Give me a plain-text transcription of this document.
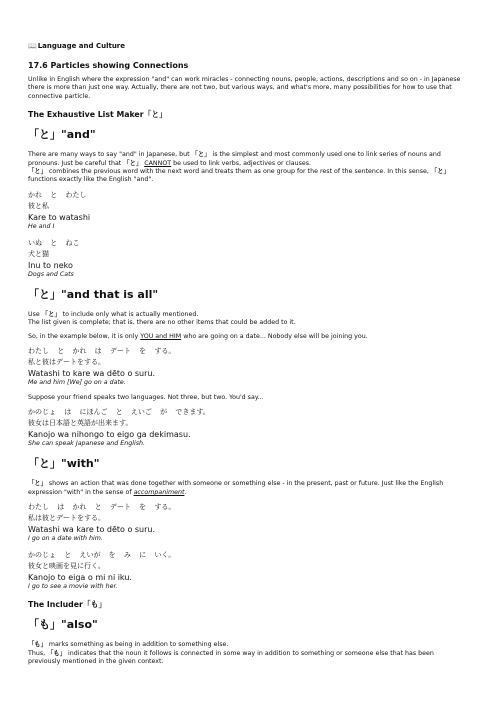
📖Language and Culture
17.6 Particles showing Connections

Unlike in English where the expression "and" can work miracles - connecting nouns, people, actions, descriptions and so on - in Japanese there is more than just one way. Actually, there are not two, but various ways, and what's more, many possibilities for how to use that connective particle.

The Exhaustive List Maker「と」
「と」"and"

There are many ways to say "and" in Japanese, but 「と」 is the simplest and most commonly used one to link series of nouns and pronouns. Just be careful that 「と」 CANNOT be used to link verbs, adjectives or clauses.
「と」 combines the previous word with the next word and treats them as one group for the rest of the sentence. In this sense, 「と」 functions exactly like the English "and".

かれ と わたし
彼と私
Kare to watashi
He and I
いぬ と ねこ
犬と猫
Inu to neko
Dogs and Cats
「と」"and that is all"

Use 「と」 to include only what is actually mentioned.
The list given is complete; that is, there are no other items that could be added to it.

So, in the example below, it is only YOU and HIM who are going on a date... Nobody else will be joining you.

わたし と かれ は デート を する。
私と彼はデートをする。
Watashi to kare wa dēto o suru.
Me and him [We] go on a date.

Suppose your friend speaks two languages. Not three, but two. You'd say...

かのじょ は にほんご と えいご が できます。
彼女は日本語と英語が出来ます。
Kanojo wa nihongo to eigo ga dekimasu.
She can speak Japanese and English.
「と」"with"

「と」 shows an action that was done together with someone or something else - in the present, past or future. Just like the English expression "with" in the sense of accompaniment.

わたし は かれ と デート を する。
私は彼とデートをする。
Watashi wa kare to dēto o suru.
I go on a date with him.
かのじょ と えいが を み に いく。
彼女と映画を見に行く。
Kanojo to eiga o mi ni iku.
I go to see a movie with her.
The Includer「も」
「も」"also"

「も」 marks something as being in addition to something else.
Thus, 「も」 indicates that the noun it follows is connected in some way in addition to something or someone else that has been previously mentioned in the given context.
